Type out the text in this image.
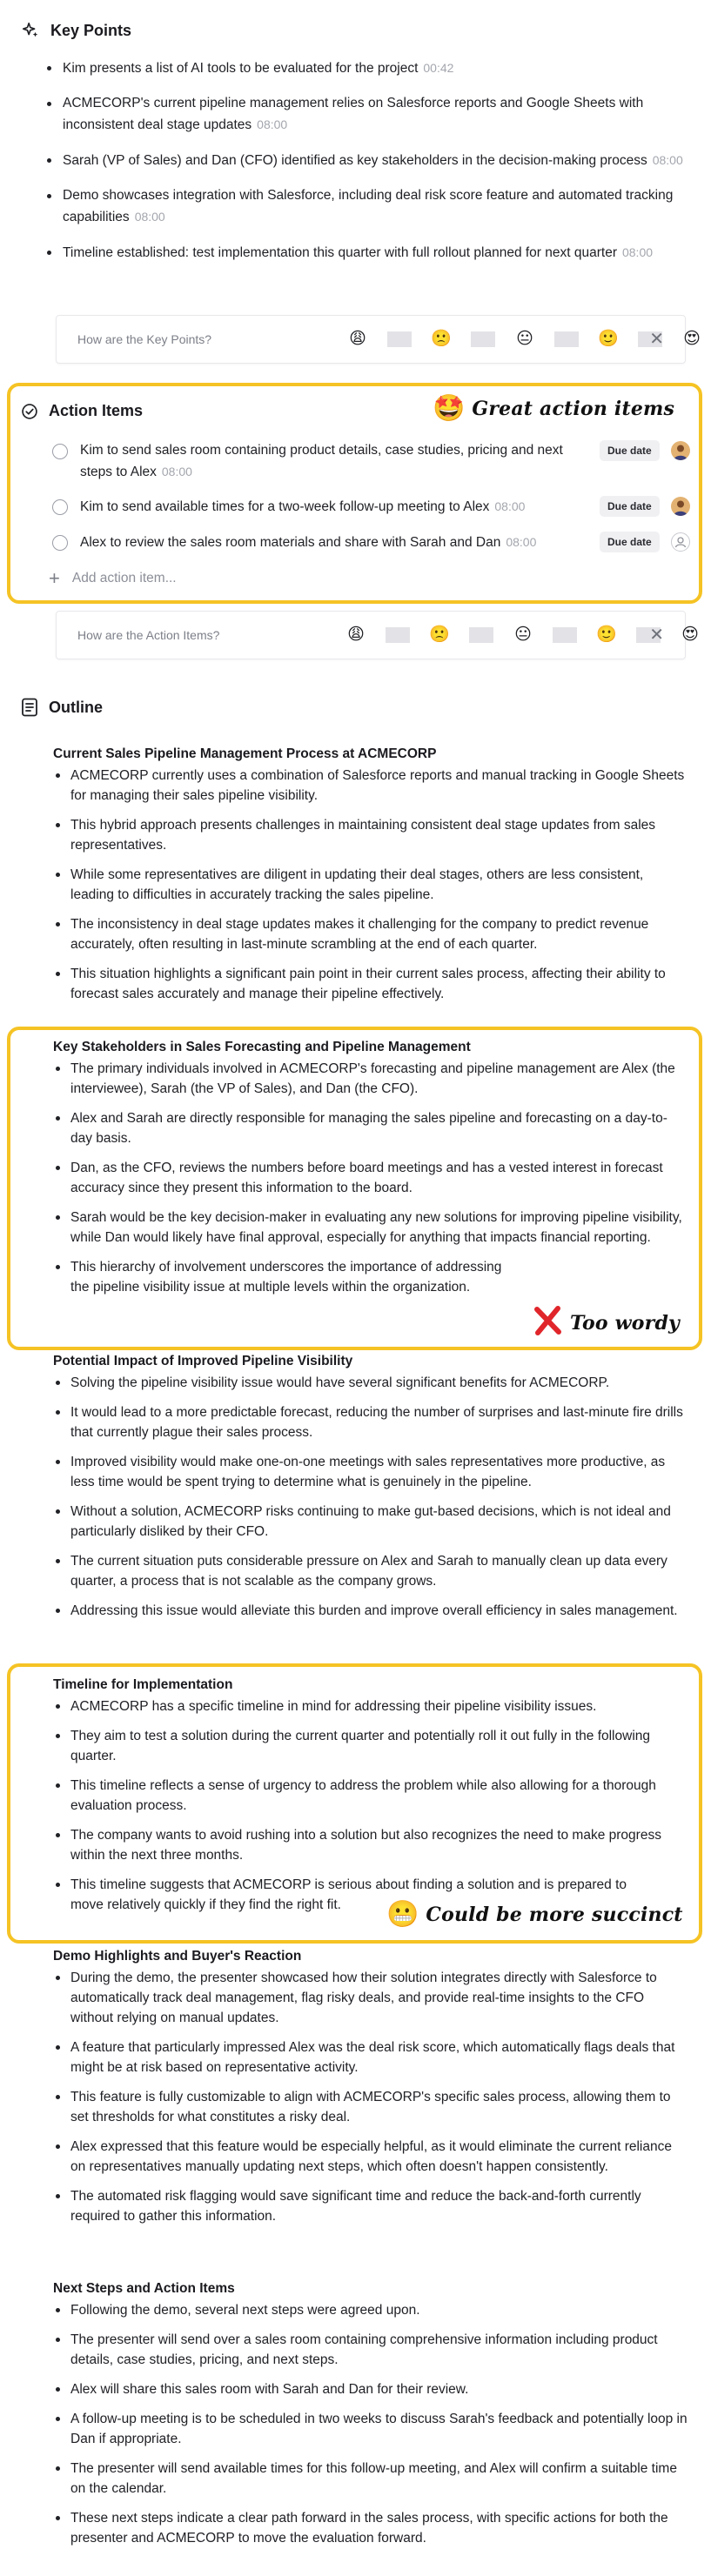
Key Points
Kim presents a list of AI tools to be evaluated for the project 00:42
ACMECORP's current pipeline management relies on Salesforce reports and Google Sheets with inconsistent deal stage updates 08:00
Sarah (VP of Sales) and Dan (CFO) identified as key stakeholders in the decision-making process 08:00
Demo showcases integration with Salesforce, including deal risk score feature and automated tracking capabilities 08:00
Timeline established: test implementation this quarter with full rollout planned for next quarter 08:00
How are the Key Points?	😩	🙁	😐	🙂	😍
✕
Action Items	🤩 Great action items
Kim to send sales room containing product details, case studies, pricing and next steps to Alex 08:00
Due date
Kim to send available times for a two-week follow-up meeting to Alex 08:00	Due date
Alex to review the sales room materials and share with Sarah and Dan 08:00	Due date
+ Add action item...
How are the Action Items?	😩	🙁	😐	🙂	😍
✕
Outline
Current Sales Pipeline Management Process at ACMECORP
ACMECORP currently uses a combination of Salesforce reports and manual tracking in Google Sheets for managing their sales pipeline visibility.
This hybrid approach presents challenges in maintaining consistent deal stage updates from sales representatives.
While some representatives are diligent in updating their deal stages, others are less consistent, leading to difficulties in accurately tracking the sales pipeline.
The inconsistency in deal stage updates makes it challenging for the company to predict revenue accurately, often resulting in last-minute scrambling at the end of each quarter.
This situation highlights a significant pain point in their current sales process, affecting their ability to forecast sales accurately and manage their pipeline effectively.
Key Stakeholders in Sales Forecasting and Pipeline Management
The primary individuals involved in ACMECORP's forecasting and pipeline management are Alex (the interviewee), Sarah (the VP of Sales), and Dan (the CFO).
Alex and Sarah are directly responsible for managing the sales pipeline and forecasting on a day-to-day basis.
Dan, as the CFO, reviews the numbers before board meetings and has a vested interest in forecast accuracy since they present this information to the board.
Sarah would be the key decision-maker in evaluating any new solutions for improving pipeline visibility, while Dan would likely have final approval, especially for anything that impacts financial reporting.
This hierarchy of involvement underscores the importance of addressing the pipeline visibility issue at multiple levels within the organization.
Too wordy
Potential Impact of Improved Pipeline Visibility
Solving the pipeline visibility issue would have several significant benefits for ACMECORP.
It would lead to a more predictable forecast, reducing the number of surprises and last-minute fire drills that currently plague their sales process.
Improved visibility would make one-on-one meetings with sales representatives more productive, as less time would be spent trying to determine what is genuinely in the pipeline.
Without a solution, ACMECORP risks continuing to make gut-based decisions, which is not ideal and particularly disliked by their CFO.
The current situation puts considerable pressure on Alex and Sarah to manually clean up data every quarter, a process that is not scalable as the company grows.
Addressing this issue would alleviate this burden and improve overall efficiency in sales management.
Timeline for Implementation
ACMECORP has a specific timeline in mind for addressing their pipeline visibility issues.
They aim to test a solution during the current quarter and potentially roll it out fully in the following quarter.
This timeline reflects a sense of urgency to address the problem while also allowing for a thorough evaluation process.
The company wants to avoid rushing into a solution but also recognizes the need to make progress within the next three months.
This timeline suggests that ACMECORP is serious about finding a solution and is prepared to move relatively quickly if they find the right fit.	😬 Could be more succinct
Demo Highlights and Buyer's Reaction
During the demo, the presenter showcased how their solution integrates directly with Salesforce to automatically track deal management, flag risky deals, and provide real-time insights to the CFO without relying on manual updates.
A feature that particularly impressed Alex was the deal risk score, which automatically flags deals that might be at risk based on representative activity.
This feature is fully customizable to align with ACMECORP's specific sales process, allowing them to set thresholds for what constitutes a risky deal.
Alex expressed that this feature would be especially helpful, as it would eliminate the current reliance on representatives manually updating next steps, which often doesn't happen consistently.
The automated risk flagging would save significant time and reduce the back-and-forth currently required to gather this information.
Next Steps and Action Items
Following the demo, several next steps were agreed upon.
The presenter will send over a sales room containing comprehensive information including product details, case studies, pricing, and next steps.
Alex will share this sales room with Sarah and Dan for their review.
A follow-up meeting is to be scheduled in two weeks to discuss Sarah's feedback and potentially loop in Dan if appropriate.
The presenter will send available times for this follow-up meeting, and Alex will confirm a suitable time on the calendar.
These next steps indicate a clear path forward in the sales process, with specific actions for both the presenter and ACMECORP to move the evaluation forward.
